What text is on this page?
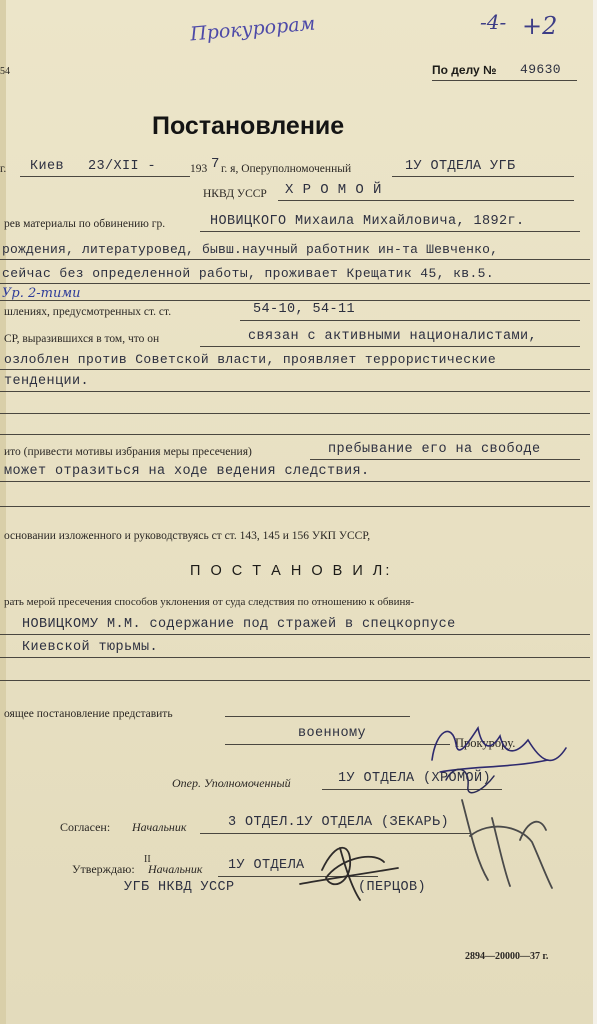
Прокурорам	-4- +2
54	По делу № 49630
Постановление
г. Киев 23/XII -	193 7 г. я, Оперуполномоченный	1У ОТДЕЛА УГБ
НКВД УССР Х Р О М О Й
рев материалы по обвинению гр.	НОВИЦКОГО Михаила Михайловича, 1892г.
рождения, литературовед, бывш.научный работник ин-та Шевченко,
сейчас без определенной работы, проживает Крещатик 45, кв.5.
Ур. 2-тими
шлениях, предусмотренных ст. ст.	54-10, 54-11
СР, выразившихся в том, что он	связан с активными националистами,
озлоблен против Советской власти, проявляет террористические
тенденции.
ито (привести мотивы избрания меры пресечения)	пребывание его на свободе
может отразиться на ходе ведения следствия.
основании изложенного и руководствуясь ст ст. 143, 145 и 156 УКП УССР,
П О С Т А Н О В И Л:
рать мерой пресечения способов уклонения от суда следствия по отношению к обвиня-
НОВИЦКОМУ М.М. содержание под стражей в спецкорпусе
Киевской тюрьмы.
оящее постановление представить
военному
Прокурору.
Опер. Уполномоченный	1У ОТДЕЛА (ХРОМОЙ)
Согласен: Начальник	3 ОТДЕЛ.1У ОТДЕЛА (ЗЕКАРЬ)
Утверждаю:
II
Начальник 1У ОТДЕЛА
УГБ НКВД УССР	(ПЕРЦОВ)
2894—20000—37 г.
